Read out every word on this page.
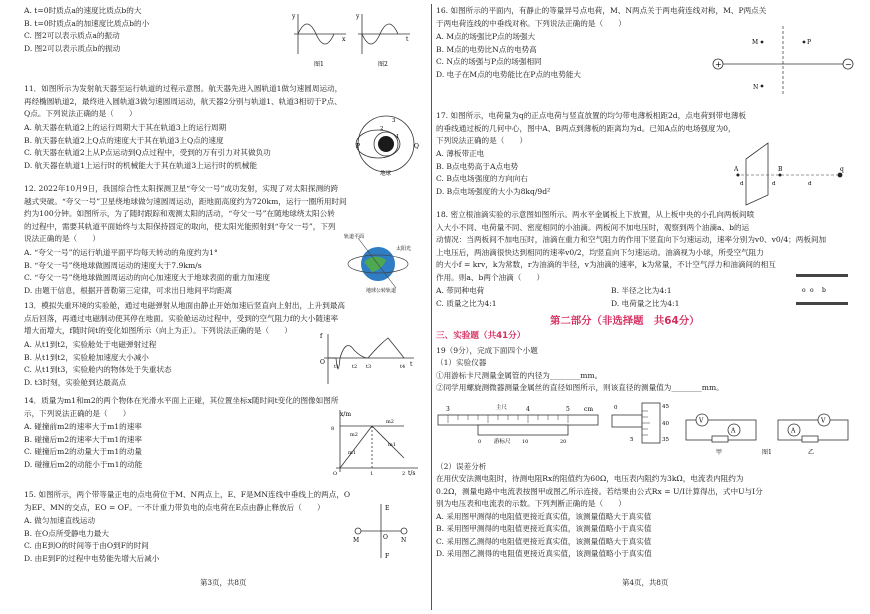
A. t=0时质点a的速度比质点b的大

B. t=0时质点a的加速度比质点b的小

C. 图2可以表示质点a的振动

D. 图2可以表示质点b的振动

y
x
y
t
图1	图2

11．如图所示为发射航天器至运行轨道的过程示意图。航天器先进入圆轨道1做匀速圆周运动，

再经椭圆轨道2，最终进入圆轨道3做匀速圆周运动，航天器2分别与轨道1、轨道3相切于P点、

Q点。下列说法正确的是（　　）

A. 航天器在轨道2上的运行周期大于其在轨道3上的运行周期

B. 航天器在轨道2上Q点的速度大于其在轨道3上Q点的速度

C. 航天器在轨道2上从P点运动到Q点过程中，受到的万有引力对其做负功

D. 航天器在轨道1上运行时的机械能大于其在轨道3上运行时的机械能

P	Q
3
2
1
地球

12. 2022年10月9日，我国综合性太阳探测卫星“夸父一号”成功发射，实现了对太阳探测的跨

越式突破。“夸父一号”卫星绕地球做匀速圆周运动，距地面高度约为720km，运行一圈所用时间

约为100分钟。如图所示，为了随时跟踪和观测太阳的活动，“夸父一号”在随地球绕太阳公转

的过程中，需要其轨道平面始终与太阳保持固定的取向，使太阳光能照射到“夸父一号”，下列

说法正确的是（　　）

A. “夸父一号”的运行轨道平面平均每天转动的角度约为1°

B. “夸父一号”绕地球做圆周运动的速度大于7.9km/s

C. “夸父一号”绕地球做圆周运动的向心加速度大于地球表面的重力加速度

D. 由题干信息，根据开普勒第三定律，可求出日地间平均距离

轨道平面
太阳光
地球公转轨道

13．模拟失重环境的实验舱，通过电磁弹射从地面由静止开始加速后竖直向上射出，上升到最高

点后回落，再通过电磁制动使其停在地面。实验舱运动过程中，受到的空气阻力f的大小随速率

增大而增大，f随时间t的变化如图所示（向上为正）。下列说法正确的是（　　）

A. 从t1到t2，实验舱处于电磁弹射过程

B. 从t1到t2，实验舱加速度大小减小

C. 从t1到t3，实验舱内的物体处于失重状态

D. t3时刻，实验舱到达最高点

f
t
O
t1	t2 t3	t4

14．质量为m1和m2的两个物体在光滑水平面上正碰，其位置坐标x随时间t变化的图像如图所

示，下列说法正确的是（　　）

A. 碰撞前m2的速率大于m1的速率

B. 碰撞后m2的速率大于m1的速率

C. 碰撞后m2的动量大于m1的动量

D. 碰撞后m2的动能小于m1的动能

x/m
t/s
8
O	1	2
m2
m1
m2
m1

15. 如图所示，两个带等量正电的点电荷位于M、N两点上，E、F是MN连线中垂线上的两点，O

为EF、MN的交点，EO = OF。一不计重力带负电的点电荷在E点由静止释放后（　　）

A. 做匀加速直线运动

B. 在O点所受静电力最大

C. 由E到O的时间等于由O到F的时间

D. 由E到F的过程中电势能先增大后减小

E
F
M	N
O

第3页，共8页

16. 如图所示的平面内，有静止的等量异号点电荷，M、N两点关于两电荷连线对称，M、P两点关

于两电荷连线的中垂线对称。下列说法正确的是（　　）

A. M点的场强比P点的场强大

B. M点的电势比N点的电势高

C. N点的场强与P点的场强相同

D. 电子在M点的电势能比在P点的电势能大

+	−
M	P
N

17. 如图所示，电荷量为q的正点电荷与竖直放置的均匀带电薄板相距2d，点电荷到带电薄板

的垂线通过板的几何中心，图中A、B两点到薄板的距离均为d。已知A点的电场强度为0，

下列说法正确的是（　　）

A. 薄板带正电

B. B点电势高于A点电势

C. B点电场强度的方向向右

D. B点电场强度的大小为8kq/9d²

A	B	q
d	d	d

18. 密立根油滴实验的示意图如图所示。两水平金属板上下放置，从上板中央的小孔向两板间喷

入大小不同、电荷量不同、密度相同的小油滴。两板间不加电压时，观察到两个油滴a、b的运

动情况：当两板间不加电压时，油滴在重力和空气阻力的作用下竖直向下匀速运动，速率分别为v0、v0/4；两板间加

上电压后，两油滴很快达到相同的速率v0/2，均竖直向下匀速运动。油滴视为小球，所受空气阻力

的大小f = krv，k为常数，r为油滴的半径，v为油滴的速率，k为常量，不计空气浮力和油滴间的相互

作用。则a、b两个油滴（　　）

A. 带同种电荷	B. 半径之比为4:1

C. 质量之比为4:1	D. 电荷量之比为4:1

o o b

第二部分（非选择题　共64分）

三、实验题（共41分）

19（9分），完成下面四个小题

（1）实验仪器

①用游标卡尺测量金属管的内径为________mm。

②同学用螺旋测微器测量金属丝的直径如图所示，则该直径的测量值为________mm。

3	主尺	4	5 cm
0	10	20
游标尺
0	45
40
35
5
V
A
V
A
甲	乙
图1

（2）误差分析

在用伏安法测电阻时，待测电阻Rx的阻值约为60Ω，电压表内阻约为3kΩ，电流表内阻约为

0.2Ω，测量电路中电流表按图甲或图乙所示连接。若结果由公式Rx = U/I计算得出，式中U与I分

别为电压表和电流表的示数。下列判断正确的是（　　）

A. 采用图甲测得的电阻值更接近真实值，该测量值略大于真实值

B. 采用图甲测得的电阻值更接近真实值，该测量值略小于真实值

C. 采用图乙测得的电阻值更接近真实值，该测量值略大于真实值

D. 采用图乙测得的电阻值更接近真实值，该测量值略小于真实值

第4页，共8页
